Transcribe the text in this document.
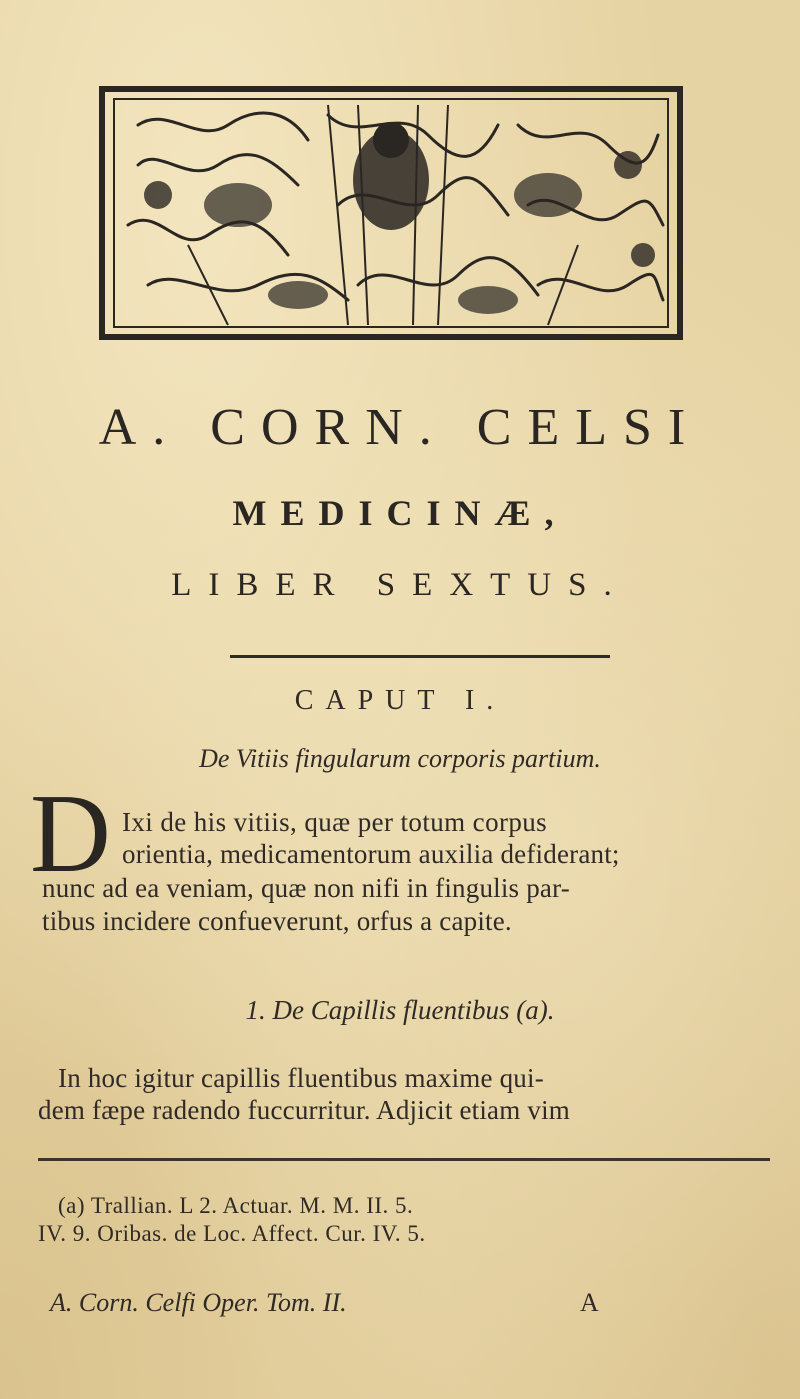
A. CORN. CELSI
MEDICINÆ,
LIBER SEXTUS.
CAPUT I.
De Vitiis fingularum corporis partium.
D Ixi de his vitiis, quæ per totum corpus
orientia, medicamentorum auxilia defiderant;
nunc ad ea veniam, quæ non nifi in fingulis par-
tibus incidere confueverunt, orfus a capite.
1. De Capillis fluentibus (a).
In hoc igitur capillis fluentibus maxime qui-
dem fæpe radendo fuccurritur. Adjicit etiam vim
(a) Trallian. L 2. Actuar. M. M. II. 5.
IV. 9. Oribas. de Loc. Affect. Cur. IV. 5.
A. Corn. Celfi Oper. Tom. II.	A
